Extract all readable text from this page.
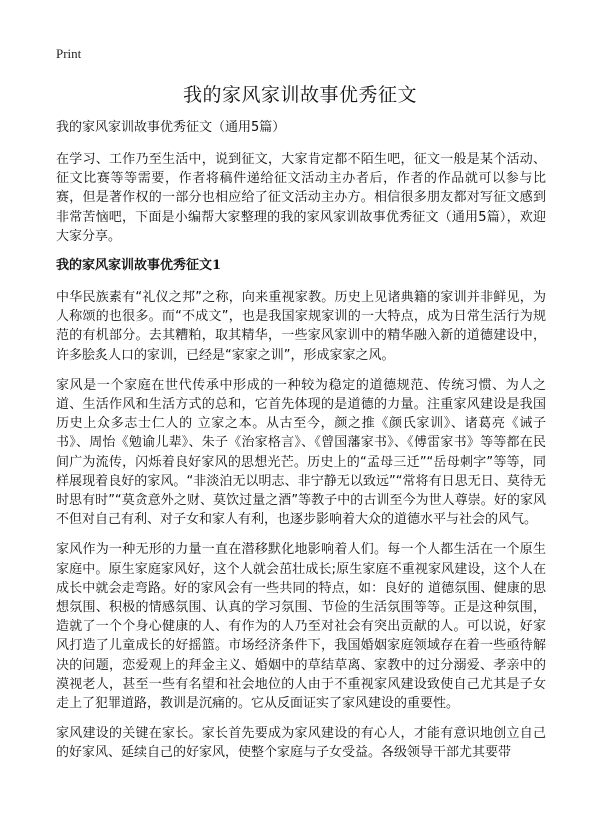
Print
我的家风家训故事优秀征文

我的家风家训故事优秀征文（通用5篇）

在学习、工作乃至生活中，说到征文，大家肯定都不陌生吧，征文一般是某个活动、征文比赛等等需要，作者将稿件递给征文活动主办者后，作者的作品就可以参与比赛，但是著作权的一部分也相应给了征文活动主办方。相信很多朋友都对写征文感到非常苦恼吧，下面是小编帮大家整理的我的家风家训故事优秀征文（通用5篇），欢迎大家分享。

我的家风家训故事优秀征文1

中华民族素有“礼仪之邦”之称，向来重视家教。历史上见诸典籍的家训并非鲜见，为人称颂的也很多。而“不成文”，也是我国家规家训的一大特点，成为日常生活行为规范的有机部分。去其糟粕，取其精华，一些家风家训中的精华融入新的道德建设中，许多脍炙人口的家训，已经是“家家之训”，形成家家之风。

家风是一个家庭在世代传承中形成的一种较为稳定的道德规范、传统习惯、为人之道、生活作风和生活方式的总和，它首先体现的是道德的力量。注重家风建设是我国历史上众多志士仁人的 立家之本。从古至今，颜之推《颜氏家训》、诸葛亮《诫子书》、周怡《勉谕儿辈》、朱子《治家格言》、《曾国藩家书》、《傅雷家书》等等都在民间广为流传，闪烁着良好家风的思想光芒。历史上的“孟母三迁”“岳母刺字”等等，同样展现着良好的家风。“非淡泊无以明志、非宁静无以致远”“常将有日思无日、莫待无时思有时”“莫贪意外之财、莫饮过量之酒”等教子中的古训至今为世人尊崇。好的家风不但对自己有利、对子女和家人有利，也逐步影响着大众的道德水平与社会的风气。

家风作为一种无形的力量一直在潜移默化地影响着人们。每一个人都生活在一个原生家庭中。原生家庭家风好，这个人就会茁壮成长;原生家庭不重视家风建设，这个人在成长中就会走弯路。好的家风会有一些共同的特点，如：良好的 道德氛围、健康的思想氛围、积极的情感氛围、认真的学习氛围、节俭的生活氛围等等。正是这种氛围，造就了一个个身心健康的人、有作为的人乃至对社会有突出贡献的人。可以说，好家风打造了儿童成长的好摇篮。市场经济条件下，我国婚姻家庭领域存在着一些亟待解决的问题，恋爱观上的拜金主义、婚姻中的草结草离、家教中的过分溺爱、孝亲中的漠视老人，甚至一些有名望和社会地位的人由于不重视家风建设致使自己尤其是子女走上了犯罪道路，教训是沉痛的。它从反面证实了家风建设的重要性。

家风建设的关键在家长。家长首先要成为家风建设的有心人，才能有意识地创立自己的好家风、延续自己的好家风，使整个家庭与子女受益。各级领导干部尤其要带
